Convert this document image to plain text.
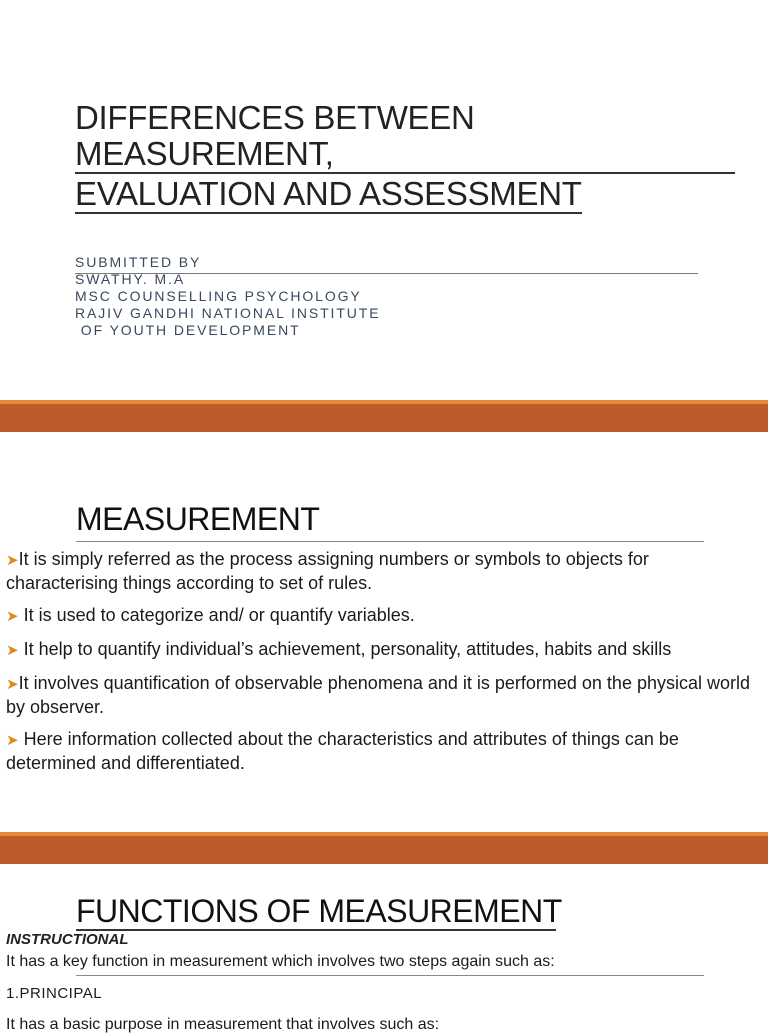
DIFFERENCES BETWEEN MEASUREMENT,
EVALUATION AND ASSESSMENT
SUBMITTED BY
SWATHY. M.A
MSC COUNSELLING PSYCHOLOGY
RAJIV GANDHI NATIONAL INSTITUTE
OF YOUTH DEVELOPMENT
MEASUREMENT
➤It is simply referred as the process assigning numbers or symbols to objects for characterising things according to set of rules.
➤ It is used to categorize and/ or quantify variables.
➤ It help to quantify individual’s achievement, personality, attitudes, habits and skills
➤It involves quantification of observable phenomena and it is performed on the physical world by observer.
➤ Here information collected about the characteristics and attributes of things can be determined and differentiated.
FUNCTIONS OF MEASUREMENT
INSTRUCTIONAL
It has a key function in measurement which involves two steps again such as:
1.PRINCIPAL
It has a basic purpose in measurement that involves such as:
